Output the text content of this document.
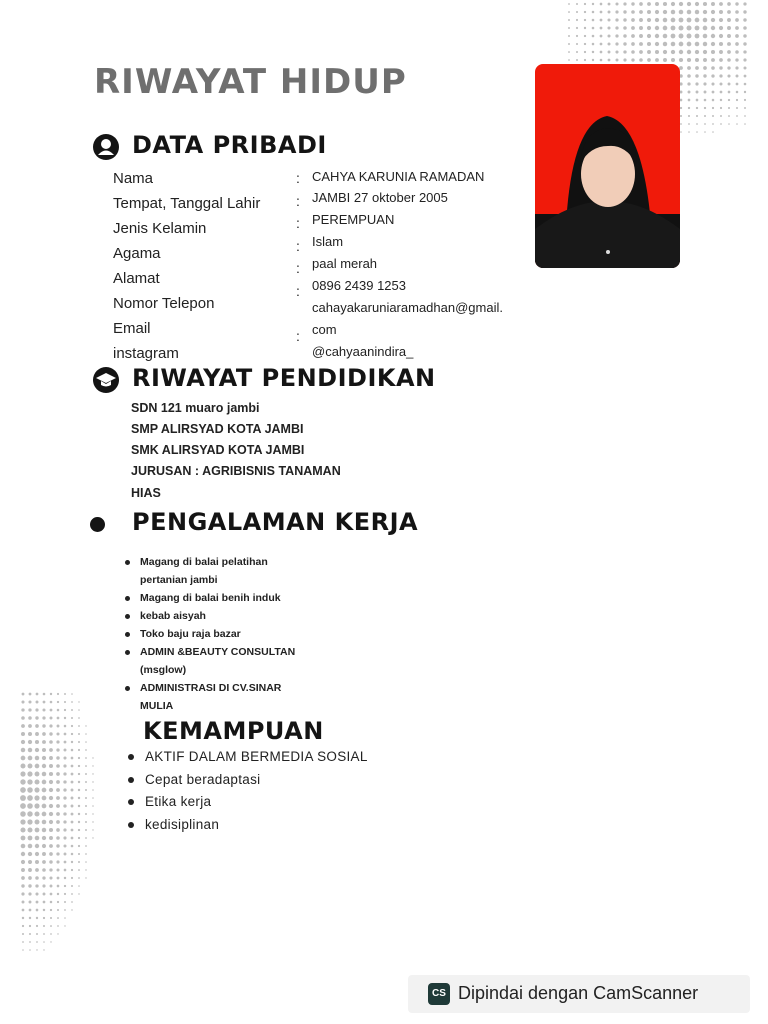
RIWAYAT HIDUP
DATA PRIBADI
Nama
Tempat, Tanggal Lahir
Jenis Kelamin
Agama
Alamat
Nomor Telepon
Email
instagram
:
:
:
:
:
:
:
CAHYA KARUNIA RAMADAN
JAMBI 27 oktober 2005
PEREMPUAN
Islam
paal merah
0896 2439 1253
cahayakaruniaramadhan@gmail.
com
@cahyaanindira_
RIWAYAT PENDIDIKAN
SDN 121 muaro jambi
SMP ALIRSYAD KOTA JAMBI
SMK ALIRSYAD KOTA JAMBI
JURUSAN : AGRIBISNIS TANAMAN
HIAS
PENGALAMAN KERJA
Magang di balai pelatihan
pertanian jambi
Magang di balai benih induk
kebab aisyah
Toko baju raja bazar
ADMIN &BEAUTY CONSULTAN
(msglow)
ADMINISTRASI DI CV.SINAR
MULIA
KEMAMPUAN
AKTIF DALAM BERMEDIA SOSIAL
Cepat beradaptasi
Etika kerja
kedisiplinan
CS Dipindai dengan CamScanner
